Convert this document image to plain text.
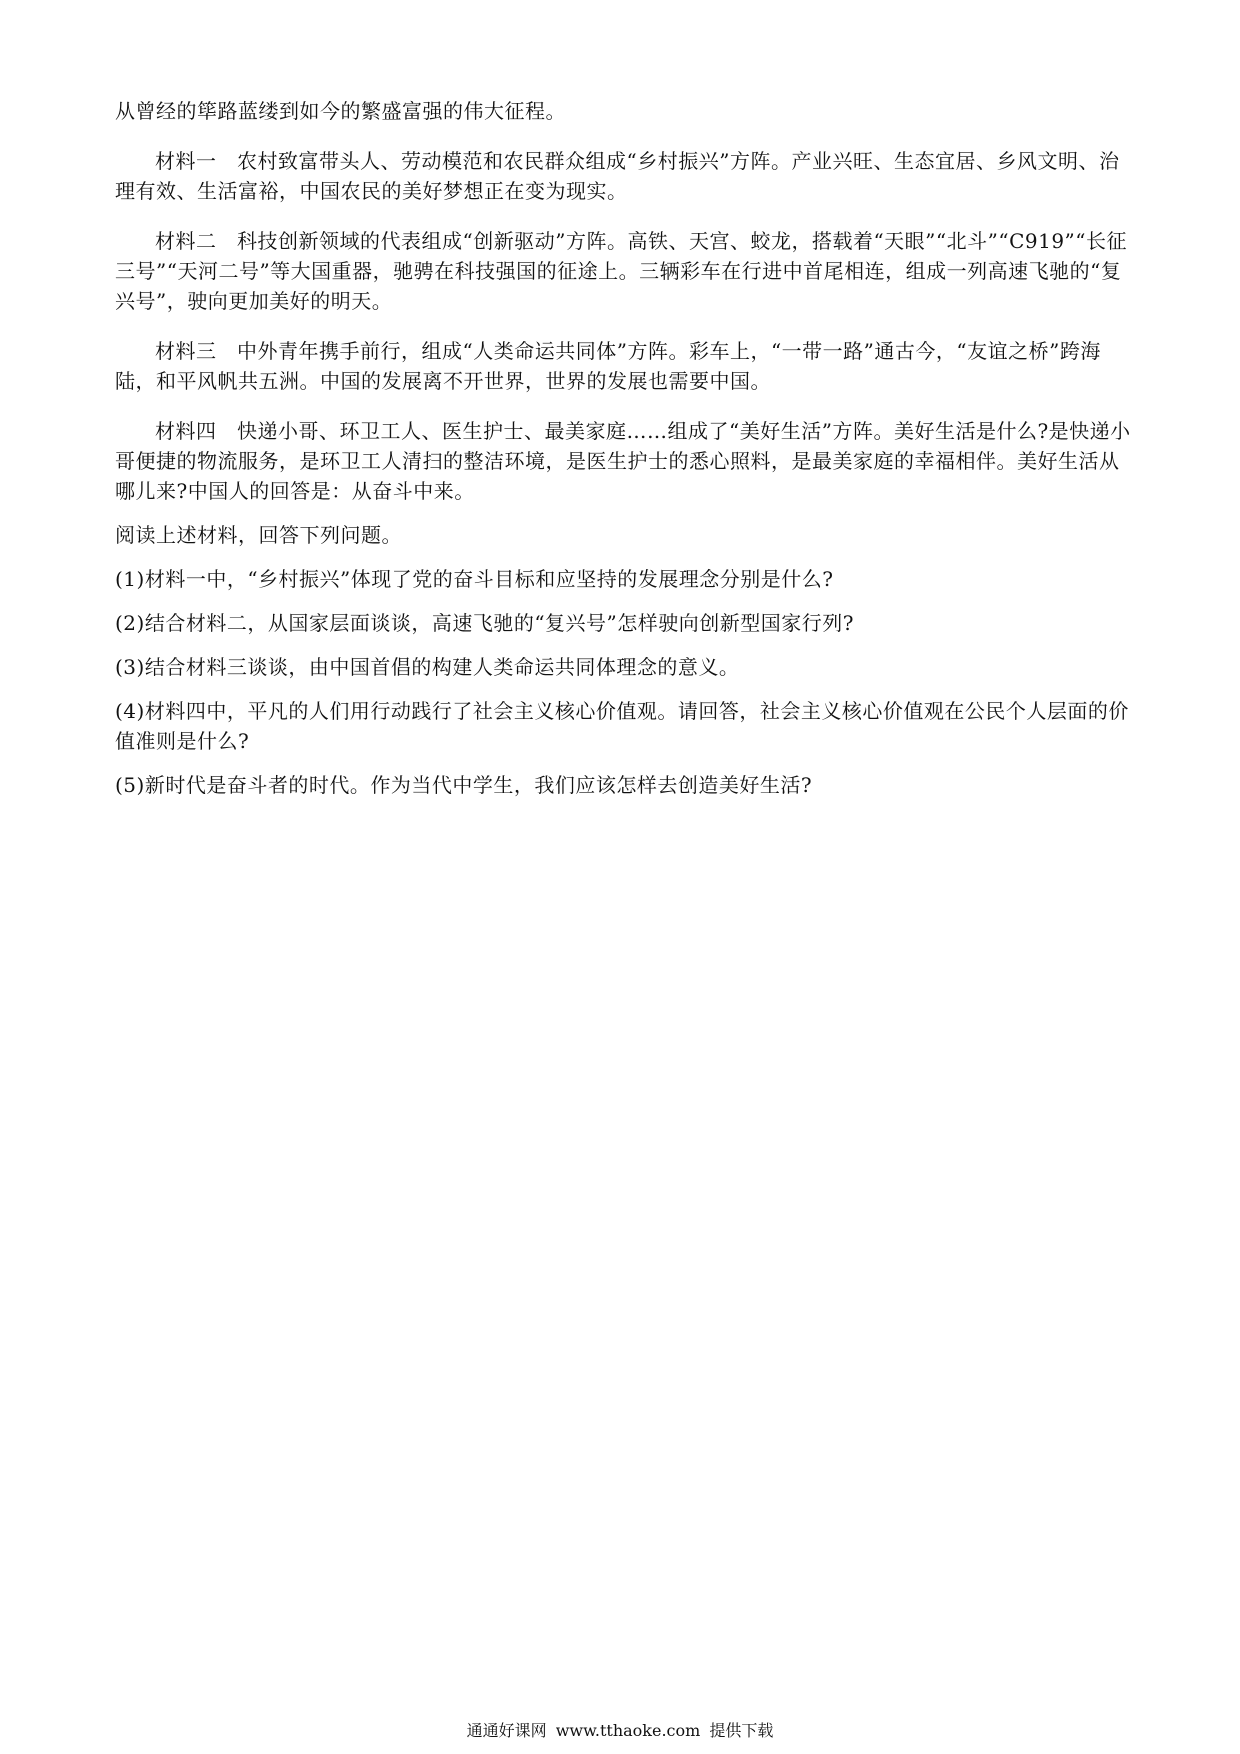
从曾经的筚路蓝缕到如今的繁盛富强的伟大征程。

材料一　农村致富带头人、劳动模范和农民群众组成“乡村振兴”方阵。产业兴旺、生态宜居、乡风文明、治理有效、生活富裕，中国农民的美好梦想正在变为现实。

材料二　科技创新领域的代表组成“创新驱动”方阵。高铁、天宫、蛟龙，搭载着“天眼”“北斗”“C919”“长征三号”“天河二号”等大国重器，驰骋在科技强国的征途上。三辆彩车在行进中首尾相连，组成一列高速飞驰的“复兴号”，驶向更加美好的明天。

材料三　中外青年携手前行，组成“人类命运共同体”方阵。彩车上，“一带一路”通古今，“友谊之桥”跨海陆，和平风帆共五洲。中国的发展离不开世界，世界的发展也需要中国。

材料四　快递小哥、环卫工人、医生护士、最美家庭……组成了“美好生活”方阵。美好生活是什么?是快递小哥便捷的物流服务，是环卫工人清扫的整洁环境，是医生护士的悉心照料，是最美家庭的幸福相伴。美好生活从哪儿来?中国人的回答是：从奋斗中来。

阅读上述材料，回答下列问题。

(1)材料一中，“乡村振兴”体现了党的奋斗目标和应坚持的发展理念分别是什么?

(2)结合材料二，从国家层面谈谈，高速飞驰的“复兴号”怎样驶向创新型国家行列?

(3)结合材料三谈谈，由中国首倡的构建人类命运共同体理念的意义。

(4)材料四中，平凡的人们用行动践行了社会主义核心价值观。请回答，社会主义核心价值观在公民个人层面的价值准则是什么?

(5)新时代是奋斗者的时代。作为当代中学生，我们应该怎样去创造美好生活?

通通好课网 www.tthaoke.com 提供下载
